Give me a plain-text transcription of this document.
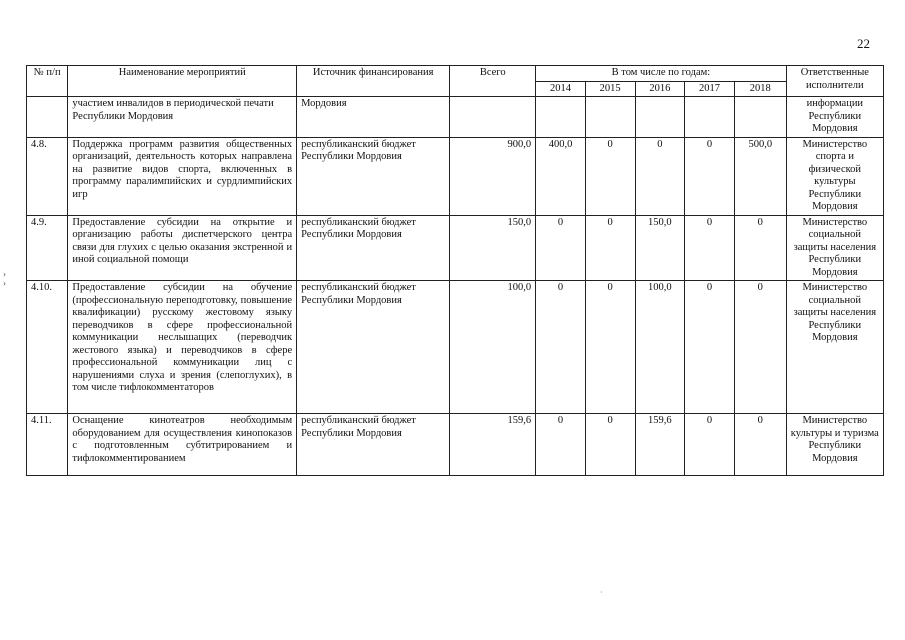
22
№ п/п	Наименование мероприятий	Источник финансирования	Всего	В том числе по годам:					Ответственные исполнители
				2014	2015	2016	2017	2018	
	участием инвалидов в периодической печати Республики Мордовия	Мордовия							информации Республики Мордовия
4.8.	Поддержка программ развития общественных организаций, деятельность которых направлена на развитие видов спорта, включенных в программу паралимпийских и сурдлимпийских игр	республиканский бюджет Республики Мордовия	900,0	400,0	0	0	0	500,0	Министерство спорта и физической культуры Республики Мордовия
4.9.	Предоставление субсидии на открытие и организацию работы диспетчерского центра связи для глухих с целью оказания экстренной и иной социальной помощи	республиканский бюджет Республики Мордовия	150,0	0	0	150,0	0	0	Министерство социальной защиты населения Республики Мордовия
4.10.	Предоставление субсидии на обучение (профессиональную переподготовку, повышение квалификации) русскому жестовому языку переводчиков в сфере профессиональной коммуникации неслышащих (переводчик жестового языка) и переводчиков в сфере профессиональной коммуникации лиц с нарушениями слуха и зрения (слепоглухих), в том числе тифлокомментаторов	республиканский бюджет Республики Мордовия	100,0	0	0	100,0	0	0	Министерство социальной защиты населения Республики Мордовия
4.11.	Оснащение кинотеатров необходимым оборудованием для осуществления кинопоказов с подготовленным субтитрированием и тифлокомментированием	республиканский бюджет Республики Мордовия	159,6	0	0	159,6	0	0	Министерство культуры и туризма Республики Мордовия
›
›
·
